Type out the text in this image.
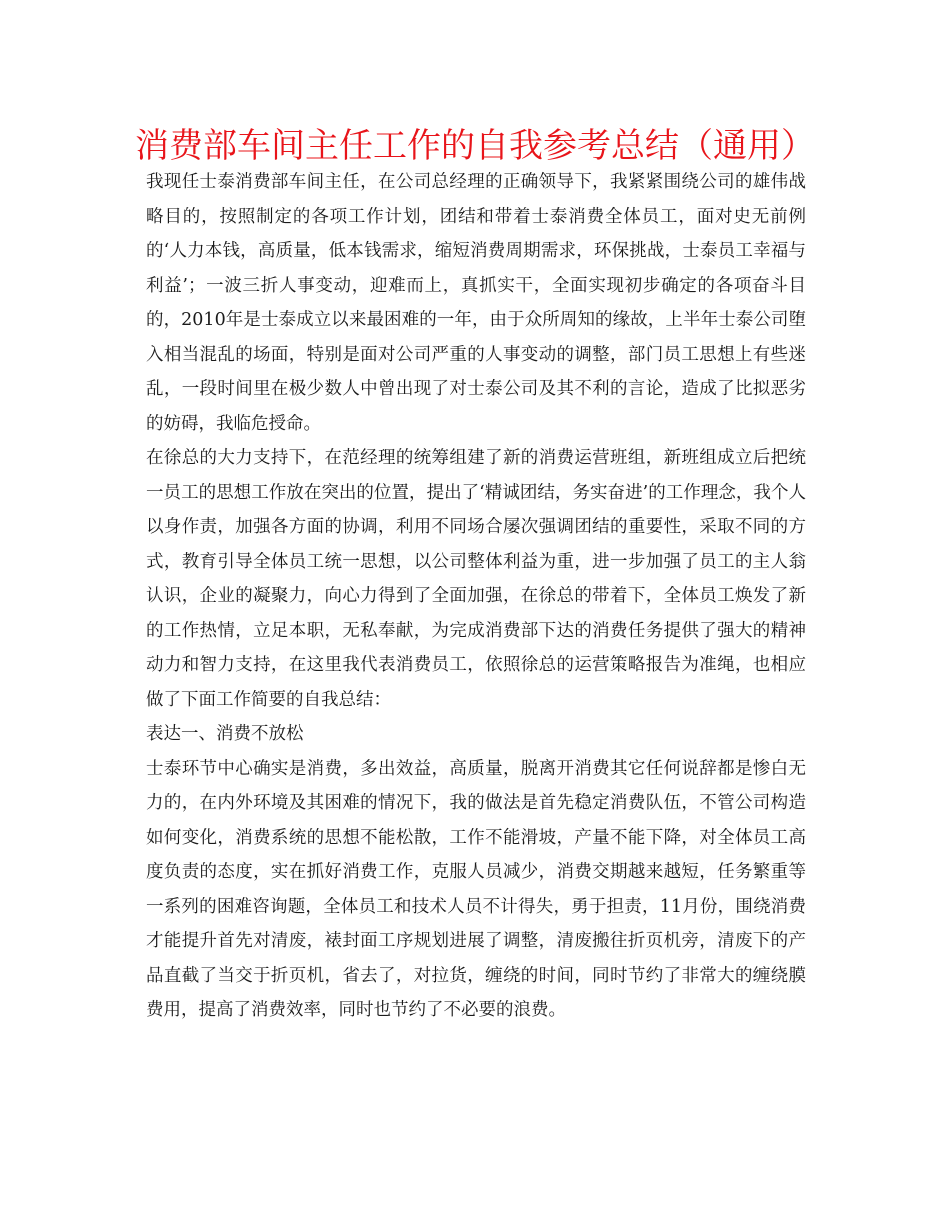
消费部车间主任工作的自我参考总结（通用）

我现任士泰消费部车间主任，在公司总经理的正确领导下，我紧紧围绕公司的雄伟战略目的，按照制定的各项工作计划，团结和带着士泰消费全体员工，面对史无前例的‘人力本钱，高质量，低本钱需求，缩短消费周期需求，环保挑战，士泰员工幸福与利益’；一波三折人事变动，迎难而上，真抓实干，全面实现初步确定的各项奋斗目的，2010年是士泰成立以来最困难的一年，由于众所周知的缘故，上半年士泰公司堕入相当混乱的场面，特别是面对公司严重的人事变动的调整，部门员工思想上有些迷乱，一段时间里在极少数人中曾出现了对士泰公司及其不利的言论，造成了比拟恶劣的妨碍，我临危授命。

在徐总的大力支持下，在范经理的统筹组建了新的消费运营班组，新班组成立后把统一员工的思想工作放在突出的位置，提出了‘精诚团结，务实奋进’的工作理念，我个人以身作责，加强各方面的协调，利用不同场合屡次强调团结的重要性，采取不同的方式，教育引导全体员工统一思想，以公司整体利益为重，进一步加强了员工的主人翁认识，企业的凝聚力，向心力得到了全面加强，在徐总的带着下，全体员工焕发了新的工作热情，立足本职，无私奉献，为完成消费部下达的消费任务提供了强大的精神动力和智力支持，在这里我代表消费员工，依照徐总的运营策略报告为准绳，也相应做了下面工作简要的自我总结：

表达一、消费不放松

士泰环节中心确实是消费，多出效益，高质量，脱离开消费其它任何说辞都是惨白无力的，在内外环境及其困难的情况下，我的做法是首先稳定消费队伍，不管公司构造如何变化，消费系统的思想不能松散，工作不能滑坡，产量不能下降，对全体员工高度负责的态度，实在抓好消费工作，克服人员减少，消费交期越来越短，任务繁重等一系列的困难咨询题，全体员工和技术人员不计得失，勇于担责，11月份，围绕消费才能提升首先对清废，裱封面工序规划进展了调整，清废搬往折页机旁，清废下的产品直截了当交于折页机，省去了，对拉货，缠绕的时间，同时节约了非常大的缠绕膜费用，提高了消费效率，同时也节约了不必要的浪费。
